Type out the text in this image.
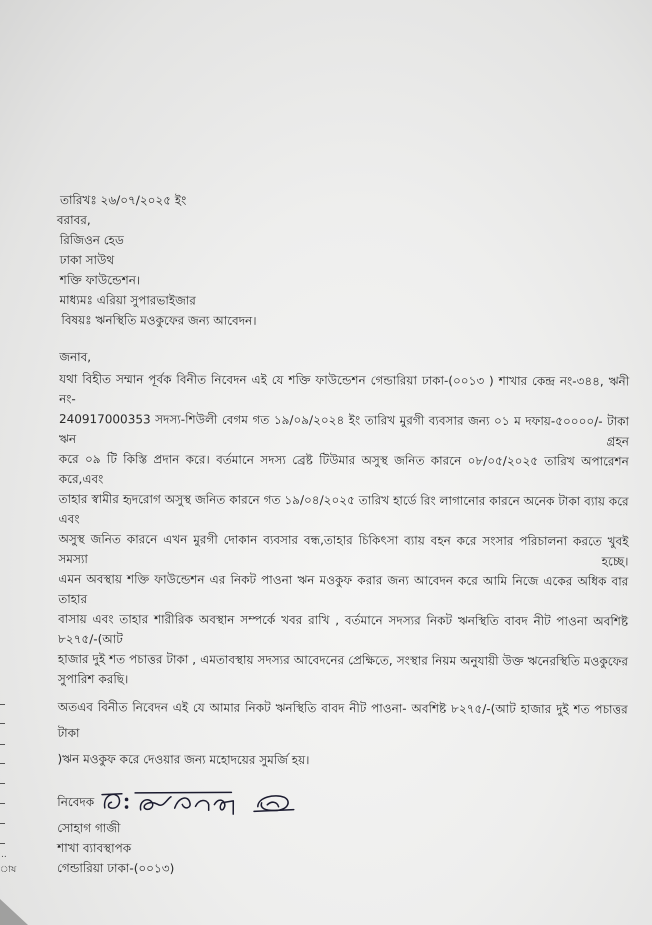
তারিখঃ ২৬/০৭/২০২৫ ইং
বরাবর,
রিজিওন হেড
ঢাকা সাউথ
শক্তি ফাউন্ডেশন।
মাধ্যমঃ এরিয়া সুপারভাইজার
বিষয়ঃ ঋনস্থিতি মওকুফের জন্য আবেদন।
জনাব,
যথা বিহীত সম্মান পূর্বক বিনীত নিবেদন এই যে শক্তি ফাউন্ডেশন গেন্ডারিয়া ঢাকা-(০০১৩ ) শাখার কেন্দ্র নং-৩৪৪, ঋনী নং-
240917000353 সদস্য-শিউলী বেগম গত ১৯/০৯/২০২৪ ইং তারিখ মুরগী ব্যবসার জন্য ০১ ম দফায়-৫০০০০/- টাকা ঋন গ্রহন
করে ০৯ টি কিস্তি প্রদান করে। বর্তমানে সদস্য ব্রেষ্ট টিউমার অসুস্থ জনিত কারনে ০৮/০৫/২০২৫ তারিখ অপারেশন করে,এবং
তাহার স্বামীর হৃদরোগ অসুস্থ জনিত কারনে গত ১৯/০৪/২০২৫ তারিখ হার্ডে রিং লাগানোর কারনে অনেক টাকা ব্যায় করে এবং
অসুস্থ জনিত কারনে এখন মুরগী দোকান ব্যবসার বন্ধ,তাহার চিকিৎসা ব্যায় বহন করে সংসার পরিচালনা করতে খুবই সমস্যা হচ্ছে।
এমন অবস্থায় শক্তি ফাউন্ডেশন এর নিকট পাওনা ঋন মওকুফ করার জন্য আবেদন করে আমি নিজে একের অধিক বার তাহার
বাসায় এবং তাহার শারীরিক অবস্থান সম্পর্কে খবর রাখি , বর্তমানে সদস্যর নিকট ঋনস্থিতি বাবদ নীট পাওনা অবশিষ্ট ৮২৭৫/-(আট
হাজার দুই শত পচাত্তর টাকা , এমতাবস্থায় সদস্যর আবেদনের প্রেক্ষিতে, সংস্থার নিয়ম অনুযায়ী উক্ত ঋনেরস্থিতি মওকুফের
সুপারিশ করছি।
অতএব বিনীত নিবেদন এই যে আমার নিকট ঋনস্থিতি বাবদ নীট পাওনা- অবশিষ্ট ৮২৭৫/-(আট হাজার দুই শত পচাত্তর টাকা
)ঋন মওকুফ করে দেওয়ার জন্য মহোদয়ের সুমর্জি হয়।
নিবেদক
সোহাগ গাজী
শাখা ব্যাবস্থাপক
গেন্ডারিয়া ঢাকা-(০০১৩)
..
ায
